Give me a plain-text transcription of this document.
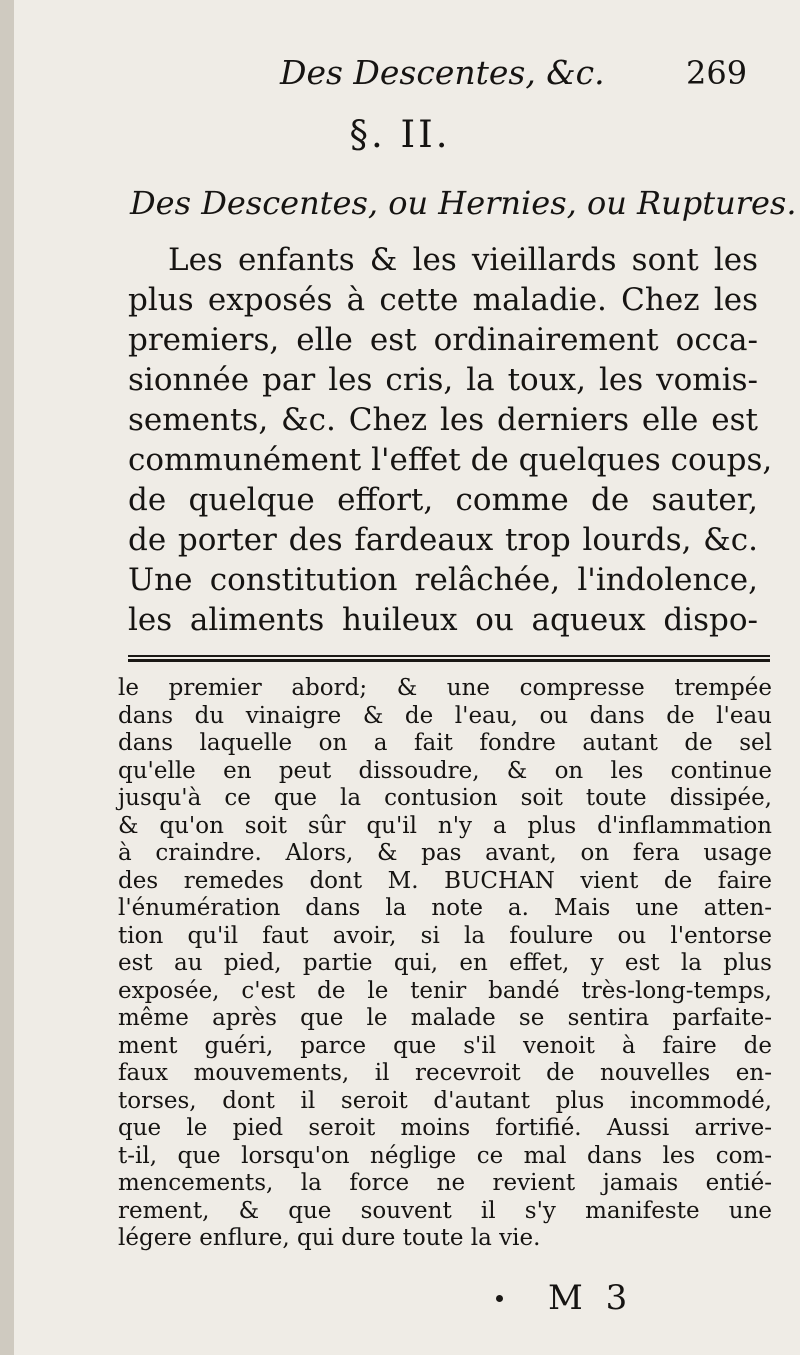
Des Descentes, &c.	269
§. II.
Des Descentes, ou Hernies, ou Ruptures.
Les enfants & les vieillards sont les
plus exposés à cette maladie. Chez les
premiers, elle est ordinairement occa-
sionnée par les cris, la toux, les vomis-
sements, &c. Chez les derniers elle est
communément l'effet de quelques coups,
de quelque effort, comme de sauter,
de porter des fardeaux trop lourds, &c.
Une constitution relâchée, l'indolence,
les aliments huileux ou aqueux dispo-
le premier abord; & une compresse trempée
dans du vinaigre & de l'eau, ou dans de l'eau
dans laquelle on a fait fondre autant de sel
qu'elle en peut dissoudre, & on les continue
jusqu'à ce que la contusion soit toute dissipée,
& qu'on soit sûr qu'il n'y a plus d'inflammation
à craindre. Alors, & pas avant, on fera usage
des remedes dont M. BUCHAN vient de faire
l'énumération dans la note a. Mais une atten-
tion qu'il faut avoir, si la foulure ou l'entorse
est au pied, partie qui, en effet, y est la plus
exposée, c'est de le tenir bandé très-long-temps,
même après que le malade se sentira parfaite-
ment guéri, parce que s'il venoit à faire de
faux mouvements, il recevroit de nouvelles en-
torses, dont il seroit d'autant plus incommodé,
que le pied seroit moins fortifié. Aussi arrive-
t-il, que lorsqu'on néglige ce mal dans les com-
mencements, la force ne revient jamais entié-
rement, & que souvent il s'y manifeste une
légere enflure, qui dure toute la vie.
M 3
